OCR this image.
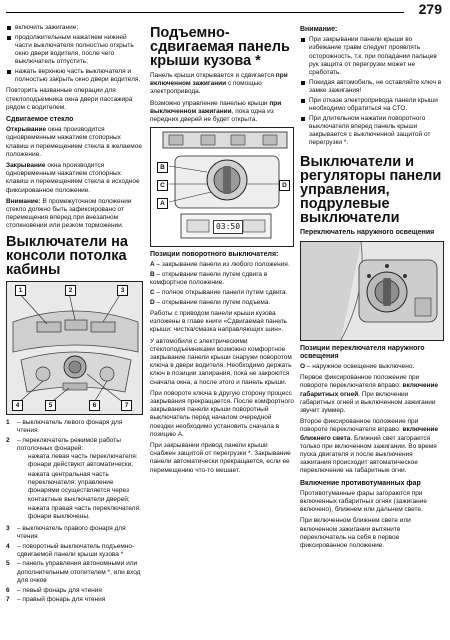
279
включить зажигание;
продолжительным нажатием нижней части выключателя полностью открыть окно двери водителя, после чего выключатель отпустить;
нажать верхнюю часть выключателя и полностью закрыть окно двери водителя.

Повторить названные операции для стеклоподъемника окна двери пассажира рядом с водителем.

Сдвигаемое стекло

Открывание окна производится одновременным нажатием стопорных клавиш и перемещением стекла в желаемое положение.

Закрывание окна производится одновременным нажатием стопорных клавиш и перемещением стекла в исходное фиксированное положение.

Внимание: В промежуточном положении стекло должно быть зафиксировано от перемещения вперед при внезапном столкновении или резком торможении.

Выключатели на консоли потолка кабины
1	2	3
4	5	6	7
1 – выключатель левого фонаря для чтения
2 – переключатель режимов работы потолочных фонарей:
нажата левая часть переключателя: фонари действуют автоматически;
нажата центральная часть переключателя: управление фонарями осуществляется через контактные выключатели дверей;
нажата правая часть переключателя: фонари выключены.
3 – выключатель правого фонаря для чтения
4 – поворотный выключатель подъемно-сдвигаемой панели крыши кузова *
5 – панель управления автономными или дополнительным отопителем *, или вход для очков
6 – левый фонарь для чтения
7 – правый фонарь для чтения
Подъемно-сдвигаемая панель крыши кузова *

Панель крыши открывается и сдвигается при включенном зажигании с помощью электропривода.

Возможно управление панелью крыши при выключенном зажигании, пока одна из передних дверей не будет открыта.

B
C
A
D
03:50
Позиции поворотного выключателя:
A – закрывание панели из любого положения.
B – открывание панели путем сдвига в комфортное положение.
C – полное открывание панели путем сдвига.
D – открывание панели путем подъема.

Работы с приводом панели крыши кузова изложены в главе книги «Сдвигаемая панель крыши: чистка/смазка направляющих шин».

У автомобиля с электрическими стеклоподъемниками возможно комфортное закрывание панели крыши снаружи поворотом ключа в двери водителя. Необходимо держать ключ в позиции запирания, пока не закроются сначала окна, а после этого и панель крыши.

При повороте ключа в другую сторону процесс закрывания прекращается. После комфортного закрывания панели крыши поворотный выключатель перед началом очередной поездки необходимо установить сначала в позицию A.

При закрывании привод панели крыши снабжен защитой от перегрузки *. Закрывание панели автоматически прекращается, если ее перемещению что-то мешает.

Внимание:
При закрывании панели крыши во избежание травм следует проявлять осторожность, т.к. при попадании пальцев рук защита от перегрузки может не сработать.
Покидая автомобиль, не оставляйте ключ в замке зажигания!
При отказе электропривода панели крыши необходимо обратиться на СТО.
При длительном нажатии поворотного выключателя вперед панель крыши закрывается с выключенной защитой от перегрузки *.
Выключатели и регуляторы панели управления, подрулевые выключатели
Переключатель наружного освещения
Позиции переключателя наружного освещения

O – наружное освещение выключено.

Первое фиксированное положение при повороте переключателя вправо: включение габаритных огней. При включении габаритных огней и выключенном зажигании звучит зуммер.

Второе фиксированное положение при повороте переключателя вправо: включение ближнего света. Ближний свет загорается только при включенном зажигании. Во время пуска двигателя и после выключения зажигания происходит автоматическое переключение на габаритные огни.

Включение противотуманных фар

Противотуманные фары загораются при включенных габаритных огнях (зажигание включено), ближнем или дальнем свете.

При включенном ближнем свете или включенном зажигании вытяните переключатель на себя в первое фиксированное положение.
